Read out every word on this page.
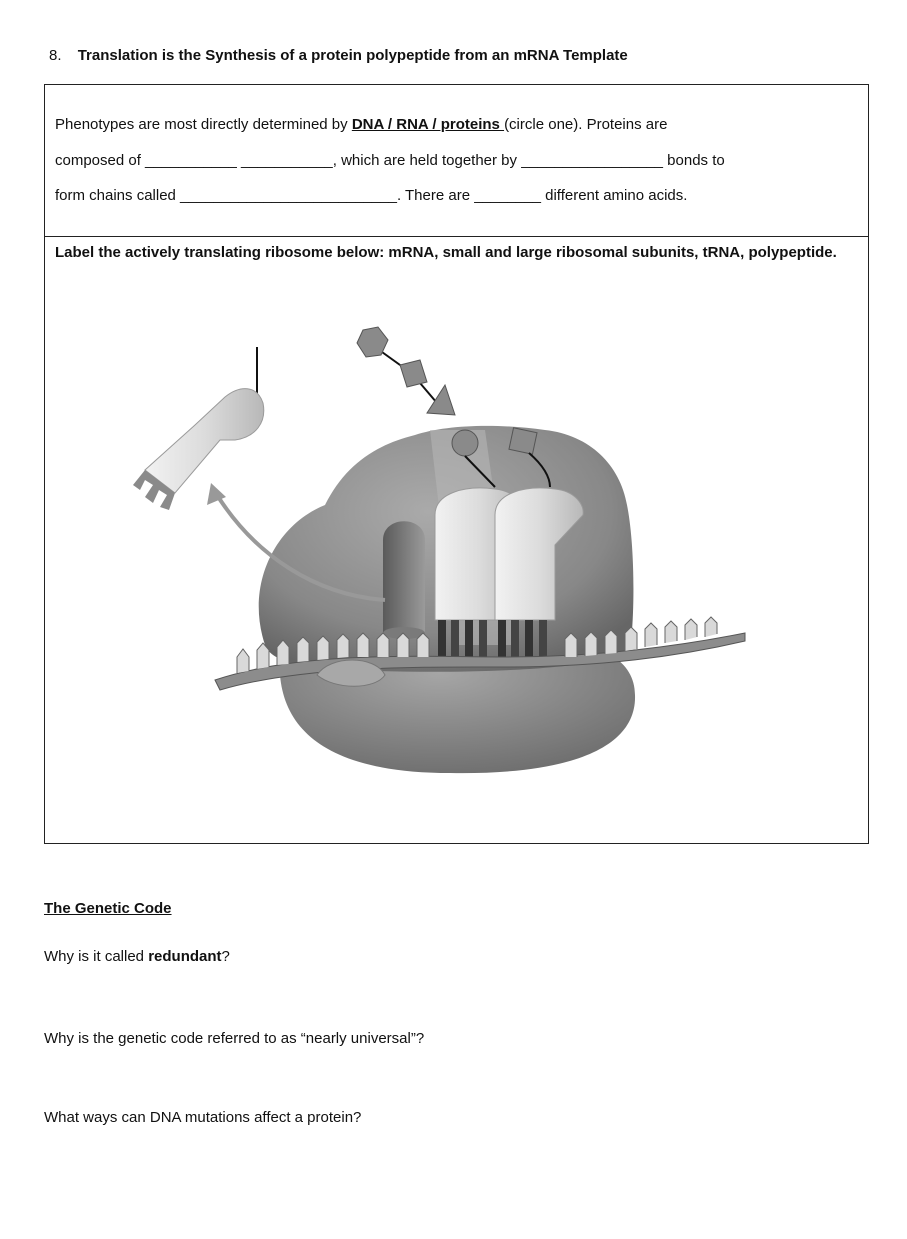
8. Translation is the Synthesis of a protein polypeptide from an mRNA Template
Phenotypes are most directly determined by DNA / RNA / proteins (circle one). Proteins are
composed of ___________ ___________, which are held together by _________________ bonds to
form chains called __________________________. There are ________ different amino acids.
Label the actively translating ribosome below: mRNA, small and large ribosomal subunits, tRNA, polypeptide.
The Genetic Code
Why is it called redundant?
Why is the genetic code referred to as “nearly universal”?
What ways can DNA mutations affect a protein?
